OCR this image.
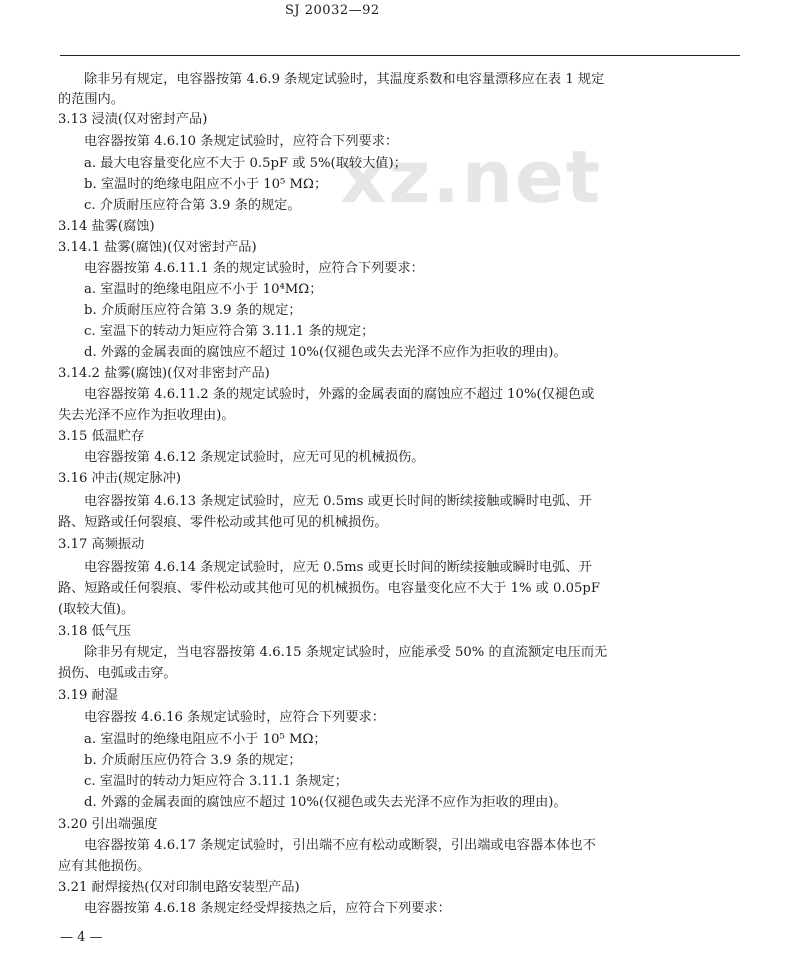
SJ 20032—92
xz.net
除非另有规定，电容器按第 4.6.9 条规定试验时，其温度系数和电容量漂移应在表 1 规定
的范围内。
3.13 浸渍(仅对密封产品)
电容器按第 4.6.10 条规定试验时，应符合下列要求：
a. 最大电容量变化应不大于 0.5pF 或 5%(取较大值)；
b. 室温时的绝缘电阻应不小于 10⁵ MΩ；
c. 介质耐压应符合第 3.9 条的规定。
3.14 盐雾(腐蚀)
3.14.1 盐雾(腐蚀)(仅对密封产品)
电容器按第 4.6.11.1 条的规定试验时，应符合下列要求：
a. 室温时的绝缘电阻应不小于 10⁴MΩ；
b. 介质耐压应符合第 3.9 条的规定；
c. 室温下的转动力矩应符合第 3.11.1 条的规定；
d. 外露的金属表面的腐蚀应不超过 10%(仅褪色或失去光泽不应作为拒收的理由)。
3.14.2 盐雾(腐蚀)(仅对非密封产品)
电容器按第 4.6.11.2 条的规定试验时，外露的金属表面的腐蚀应不超过 10%(仅褪色或
失去光泽不应作为拒收理由)。
3.15 低温贮存
电容器按第 4.6.12 条规定试验时，应无可见的机械损伤。
3.16 冲击(规定脉冲)
电容器按第 4.6.13 条规定试验时，应无 0.5ms 或更长时间的断续接触或瞬时电弧、开
路、短路或任何裂痕、零件松动或其他可见的机械损伤。
3.17 高频振动
电容器按第 4.6.14 条规定试验时，应无 0.5ms 或更长时间的断续接触或瞬时电弧、开
路、短路或任何裂痕、零件松动或其他可见的机械损伤。电容量变化应不大于 1% 或 0.05pF
(取较大值)。
3.18 低气压
除非另有规定，当电容器按第 4.6.15 条规定试验时，应能承受 50% 的直流额定电压而无
损伤、电弧或击穿。
3.19 耐湿
电容器按 4.6.16 条规定试验时，应符合下列要求：
a. 室温时的绝缘电阻应不小于 10⁵ MΩ；
b. 介质耐压应仍符合 3.9 条的规定；
c. 室温时的转动力矩应符合 3.11.1 条规定；
d. 外露的金属表面的腐蚀应不超过 10%(仅褪色或失去光泽不应作为拒收的理由)。
3.20 引出端强度
电容器按第 4.6.17 条规定试验时，引出端不应有松动或断裂，引出端或电容器本体也不
应有其他损伤。
3.21 耐焊接热(仅对印制电路安装型产品)
电容器按第 4.6.18 条规定经受焊接热之后，应符合下列要求：
— 4 —
